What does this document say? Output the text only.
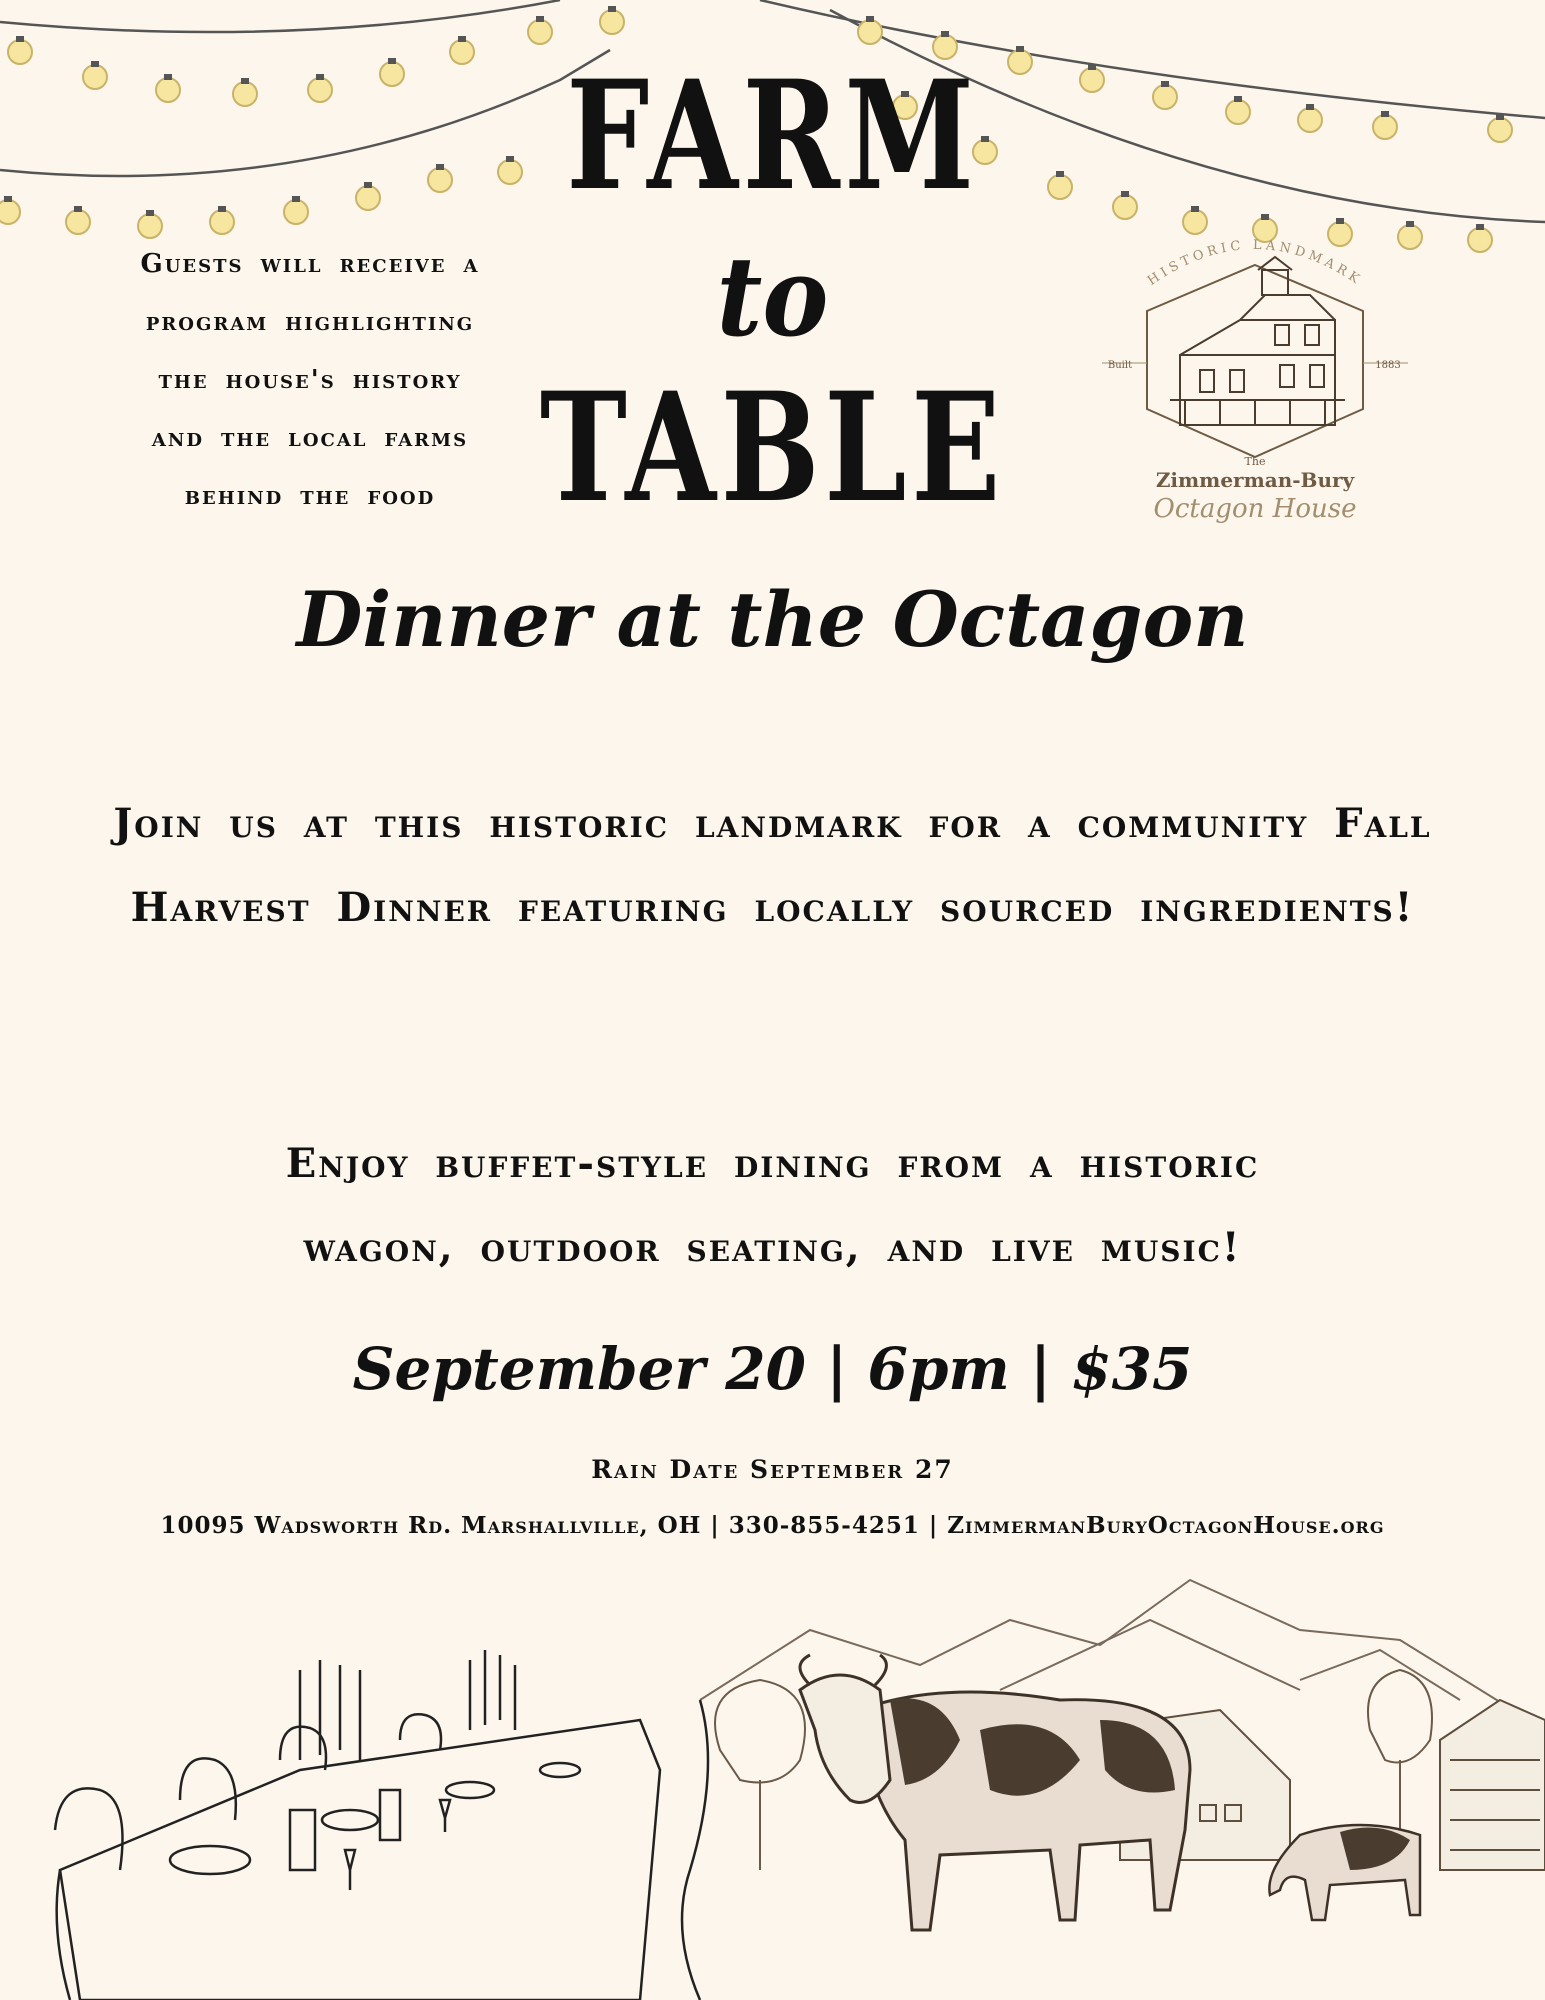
FARM
to
TABLE
Guests will receive a
program highlighting
the house's history
and the local farms
behind the food
HISTORIC LANDMARK
Built	1883
The
Zimmerman-Bury
Octagon House
Dinner at the Octagon
Join us at this historic landmark for a community Fall Harvest Dinner featuring locally sourced ingredients!
Enjoy buffet-style dining from a historic wagon, outdoor seating, and live music!
September 20 | 6pm | $35
Rain Date September 27
10095 Wadsworth Rd. Marshallville, OH | 330-855-4251 | ZimmermanBuryOctagonHouse.org
